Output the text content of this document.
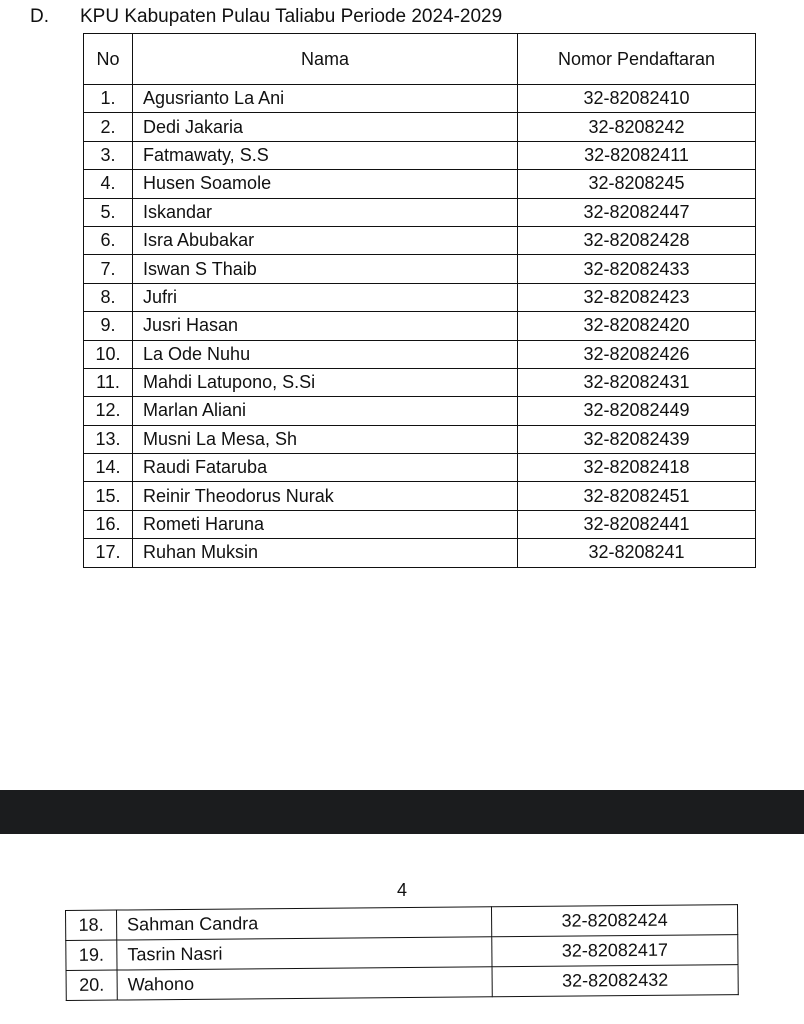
D. KPU Kabupaten Pulau Taliabu Periode 2024-2029
No	Nama	Nomor Pendaftaran
1.	Agusrianto La Ani	32-82082410
2.	Dedi Jakaria	32-8208242
3.	Fatmawaty, S.S	32-82082411
4.	Husen Soamole	32-8208245
5.	Iskandar	32-82082447
6.	Isra Abubakar	32-82082428
7.	Iswan S Thaib	32-82082433
8.	Jufri	32-82082423
9.	Jusri Hasan	32-82082420
10.	La Ode Nuhu	32-82082426
11.	Mahdi Latupono, S.Si	32-82082431
12.	Marlan Aliani	32-82082449
13.	Musni La Mesa, Sh	32-82082439
14.	Raudi Fataruba	32-82082418
15.	Reinir Theodorus Nurak	32-82082451
16.	Rometi Haruna	32-82082441
17.	Ruhan Muksin	32-8208241
4
18.	Sahman Candra	32-82082424
19.	Tasrin Nasri	32-82082417
20.	Wahono	32-82082432
